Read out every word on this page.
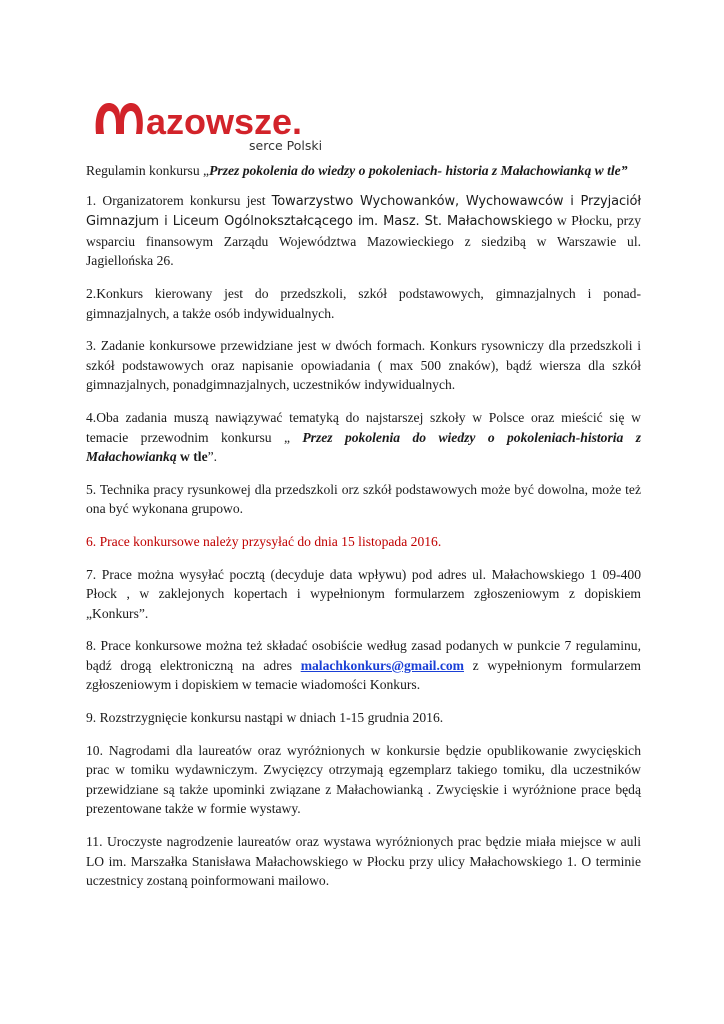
azowsze.
serce Polski

Regulamin konkursu „Przez pokolenia do wiedzy o pokoleniach- historia z Małachowianką w tle”

1. Organizatorem konkursu jest Towarzystwo Wychowanków, Wychowawców i Przyjaciół Gimnazjum i Liceum Ogólnokształcącego im. Masz. St. Małachowskiego w Płocku, przy wsparciu finansowym Zarządu Województwa Mazowieckiego z siedzibą w Warszawie ul. Jagiellońska 26.

2.Konkurs kierowany jest do przedszkoli, szkół podstawowych, gimnazjalnych i ponad-gimnazjalnych, a także osób indywidualnych.

3. Zadanie konkursowe przewidziane jest w dwóch formach. Konkurs rysowniczy dla przedszkoli i szkół podstawowych oraz napisanie opowiadania ( max 500 znaków), bądź wiersza dla szkół gimnazjalnych, ponadgimnazjalnych, uczestników indywidualnych.

4.Oba zadania muszą nawiązywać tematyką do najstarszej szkoły w Polsce oraz mieścić się w temacie przewodnim konkursu „ Przez pokolenia do wiedzy o pokoleniach-historia z Małachowianką w tle”.

5. Technika pracy rysunkowej dla przedszkoli orz szkół podstawowych może być dowolna, może też ona być wykonana grupowo.

6. Prace konkursowe należy przysyłać do dnia 15 listopada 2016.

7. Prace można wysyłać pocztą (decyduje data wpływu) pod adres ul. Małachowskiego 1 09-400 Płock , w zaklejonych kopertach i wypełnionym formularzem zgłoszeniowym z dopiskiem „Konkurs”.

8. Prace konkursowe można też składać osobiście według zasad podanych w punkcie 7 regulaminu, bądź drogą elektroniczną na adres malachkonkurs@gmail.com z wypełnionym formularzem zgłoszeniowym i dopiskiem w temacie wiadomości Konkurs.

9. Rozstrzygnięcie konkursu nastąpi w dniach 1-15 grudnia 2016.

10. Nagrodami dla laureatów oraz wyróżnionych w konkursie będzie opublikowanie zwycięskich prac w tomiku wydawniczym. Zwycięzcy otrzymają egzemplarz takiego tomiku, dla uczestników przewidziane są także upominki związane z Małachowianką . Zwycięskie i wyróżnione prace będą prezentowane także w formie wystawy.

11. Uroczyste nagrodzenie laureatów oraz wystawa wyróżnionych prac będzie miała miejsce w auli LO im. Marszałka Stanisława Małachowskiego w Płocku przy ulicy Małachowskiego 1. O terminie uczestnicy zostaną poinformowani mailowo.
